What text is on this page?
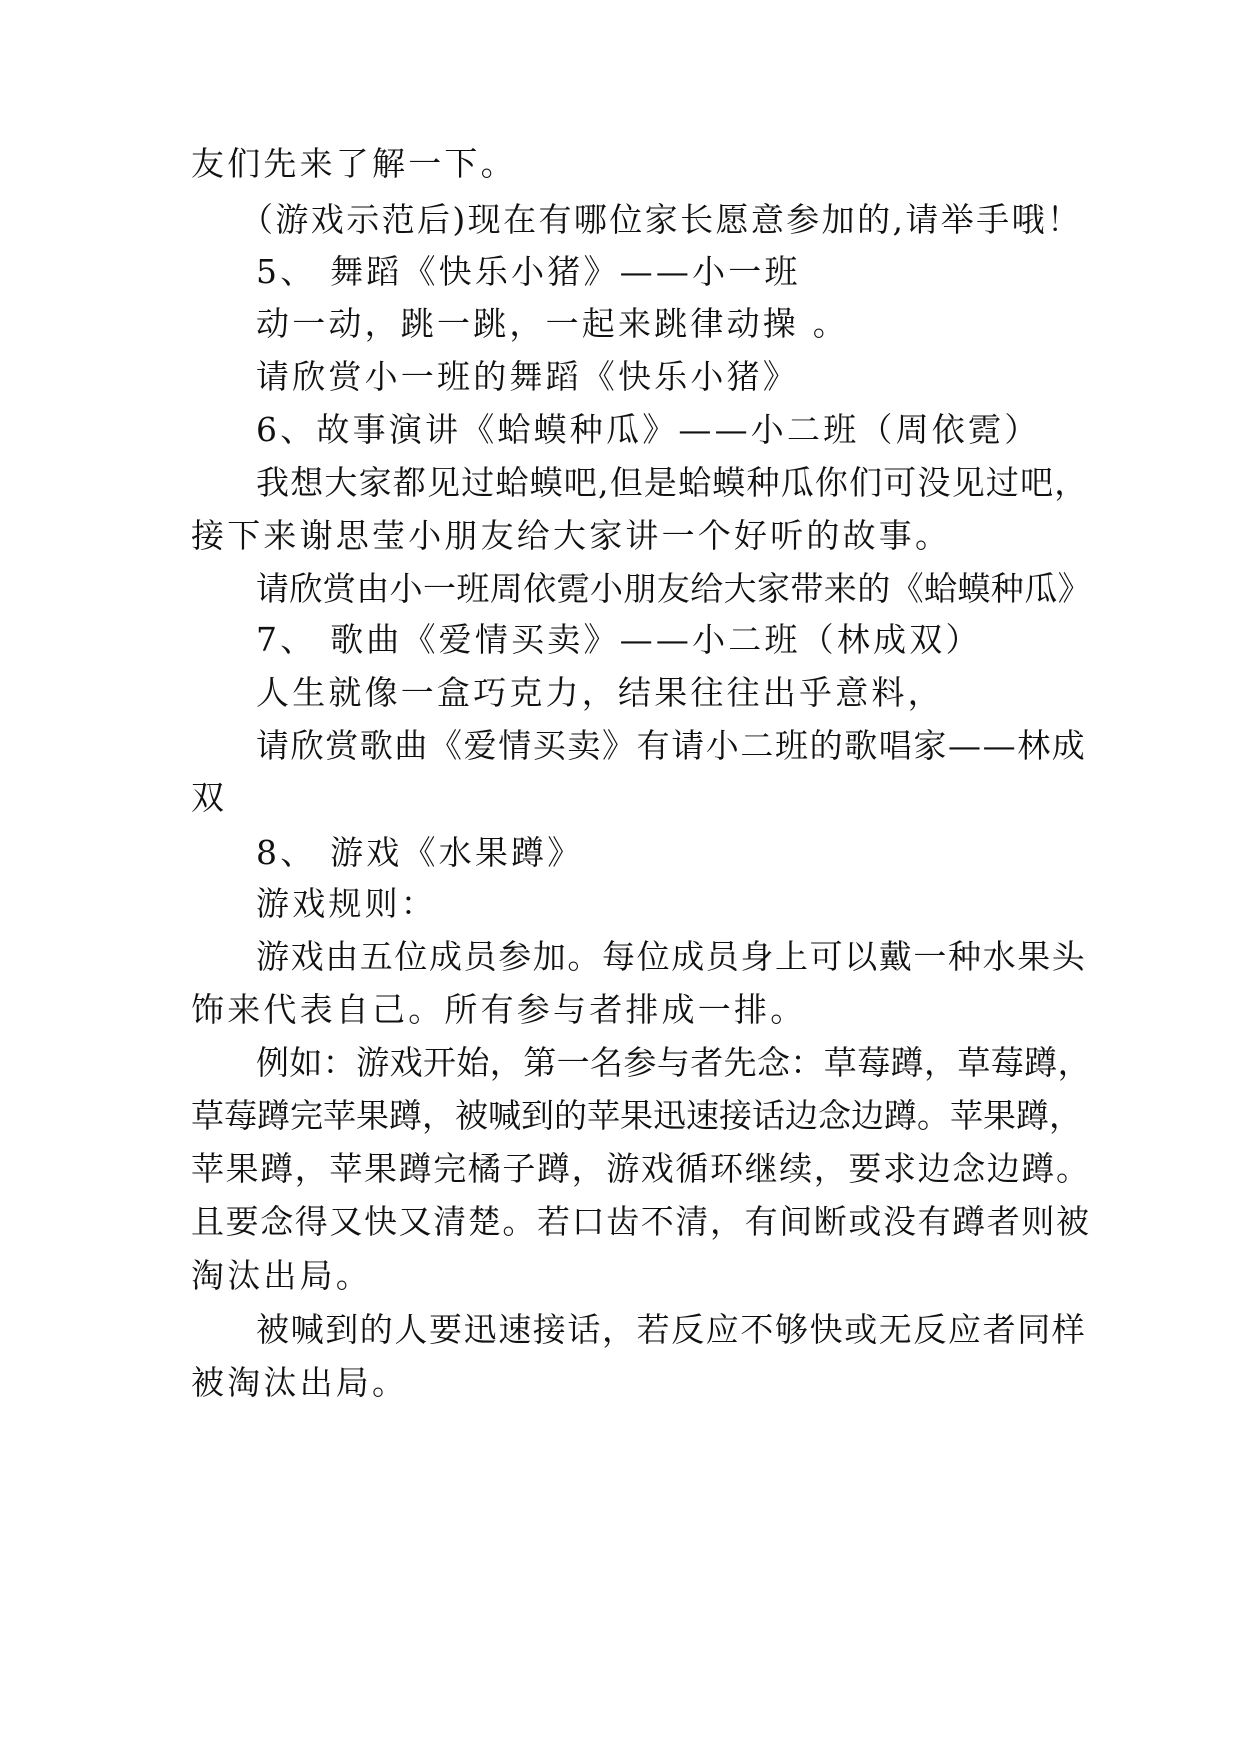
友们先来了解一下。
（游戏示范后)现在有哪位家长愿意参加的,请举手哦！
5、 舞蹈《快乐小猪》——小一班
动一动，跳一跳，一起来跳律动操 。
请欣赏小一班的舞蹈《快乐小猪》
6、故事演讲《蛤蟆种瓜》——小二班（周依霓）
我想大家都见过蛤蟆吧,但是蛤蟆种瓜你们可没见过吧，
接下来谢思莹小朋友给大家讲一个好听的故事。
请欣赏由小一班周依霓小朋友给大家带来的《蛤蟆种瓜》
7、 歌曲《爱情买卖》——小二班（林成双）
人生就像一盒巧克力，结果往往出乎意料，
请欣赏歌曲《爱情买卖》有请小二班的歌唱家——林成
双
8、 游戏《水果蹲》
游戏规则：
游戏由五位成员参加。每位成员身上可以戴一种水果头
饰来代表自己。所有参与者排成一排。
例如：游戏开始，第一名参与者先念：草莓蹲，草莓蹲，
草莓蹲完苹果蹲，被喊到的苹果迅速接话边念边蹲。苹果蹲，
苹果蹲，苹果蹲完橘子蹲，游戏循环继续，要求边念边蹲。
且要念得又快又清楚。若口齿不清，有间断或没有蹲者则被
淘汰出局。
被喊到的人要迅速接话，若反应不够快或无反应者同样
被淘汰出局。
